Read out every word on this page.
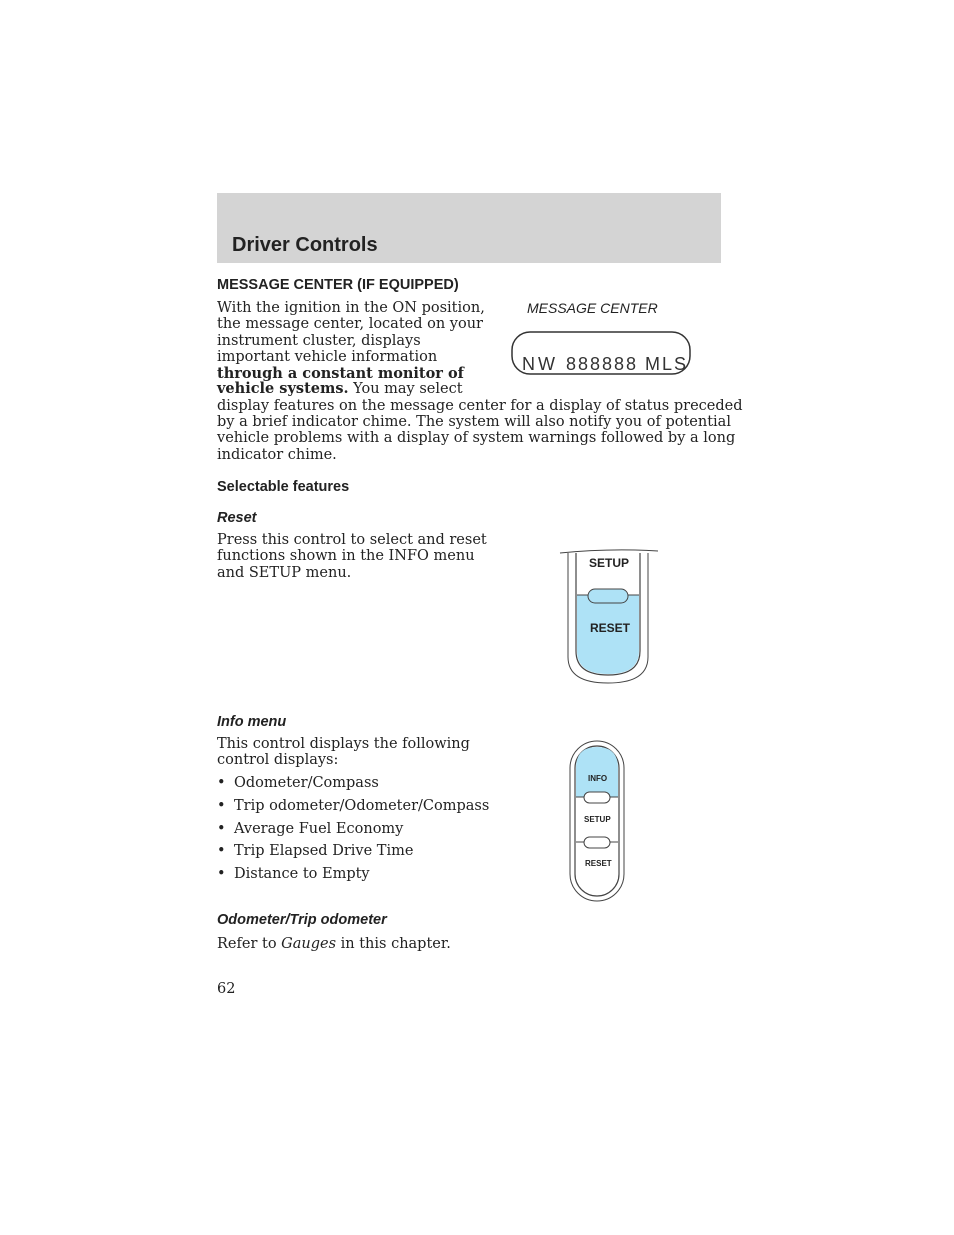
Driver Controls
MESSAGE CENTER (IF EQUIPPED)
With the ignition in the ON position,
the message center, located on your
instrument cluster, displays
important vehicle information
through a constant monitor of
vehicle systems. You may select
display features on the message center for a display of status preceded
by a brief indicator chime. The system will also notify you of potential
vehicle problems with a display of system warnings followed by a long
indicator chime.
MESSAGE CENTER
NW 888888 MLS
Selectable features
Reset
Press this control to select and reset
functions shown in the INFO menu
and SETUP menu.
SETUP
RESET
Info menu
This control displays the following
control displays:
• Odometer/Compass
• Trip odometer/Odometer/Compass
• Average Fuel Economy
• Trip Elapsed Drive Time
• Distance to Empty
INFO
SETUP
RESET
Odometer/Trip odometer
Refer to Gauges in this chapter.
62
